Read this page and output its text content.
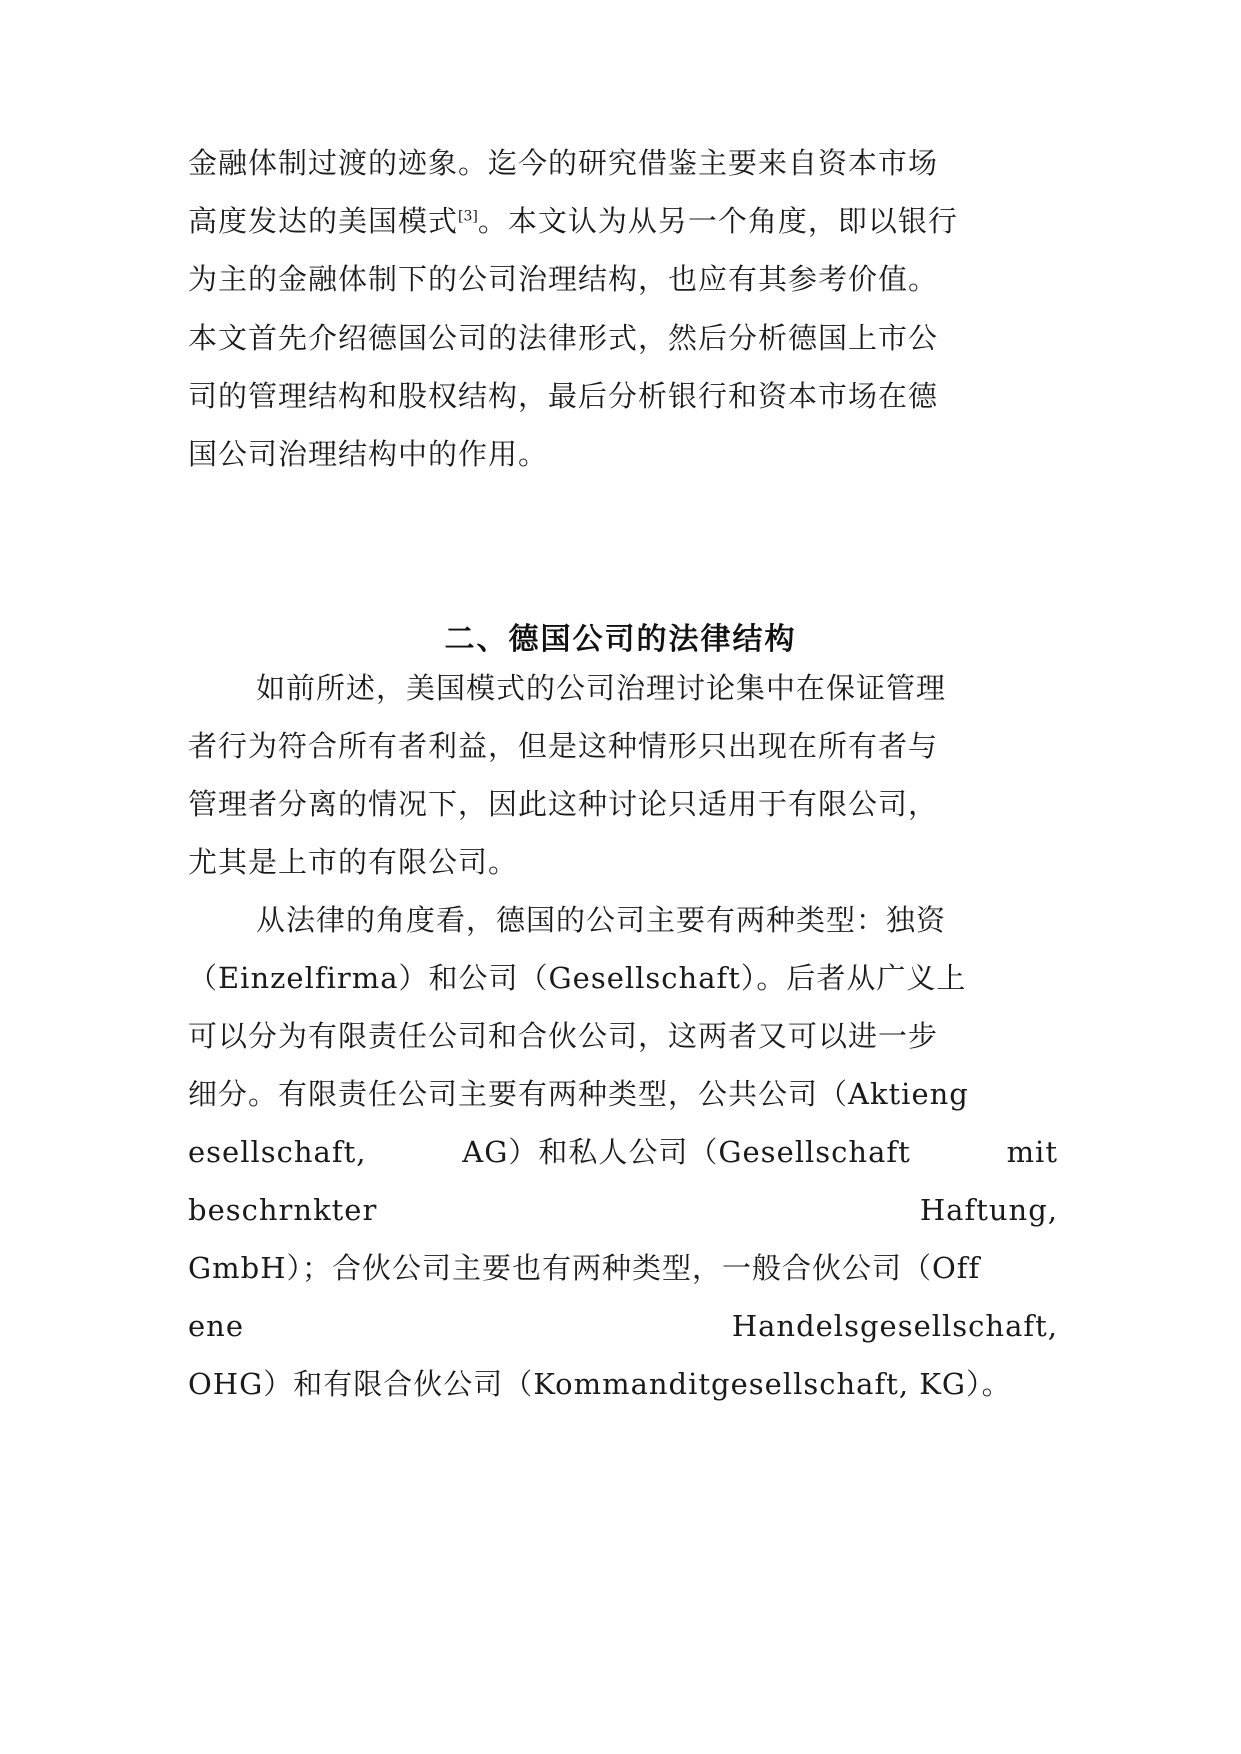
金融体制过渡的迹象。迄今的研究借鉴主要来自资本市场
高度发达的美国模式[3]。本文认为从另一个角度，即以银行
为主的金融体制下的公司治理结构，也应有其参考价值。
本文首先介绍德国公司的法律形式，然后分析德国上市公
司的管理结构和股权结构，最后分析银行和资本市场在德
国公司治理结构中的作用。
二、德国公司的法律结构
如前所述，美国模式的公司治理讨论集中在保证管理
者行为符合所有者利益，但是这种情形只出现在所有者与
管理者分离的情况下，因此这种讨论只适用于有限公司，
尤其是上市的有限公司。
从法律的角度看，德国的公司主要有两种类型：独资
（Einzelfirma）和公司（Gesellschaft）。后者从广义上
可以分为有限责任公司和合伙公司，这两者又可以进一步
细分。有限责任公司主要有两种类型，公共公司（Aktieng
esellschaft,	AG）和私人公司（Gesellschaft	mit
beschrnkter	Haftung,
GmbH）；合伙公司主要也有两种类型，一般合伙公司（Off
ene	Handelsgesellschaft,
OHG）和有限合伙公司（Kommanditgesellschaft, KG）。
